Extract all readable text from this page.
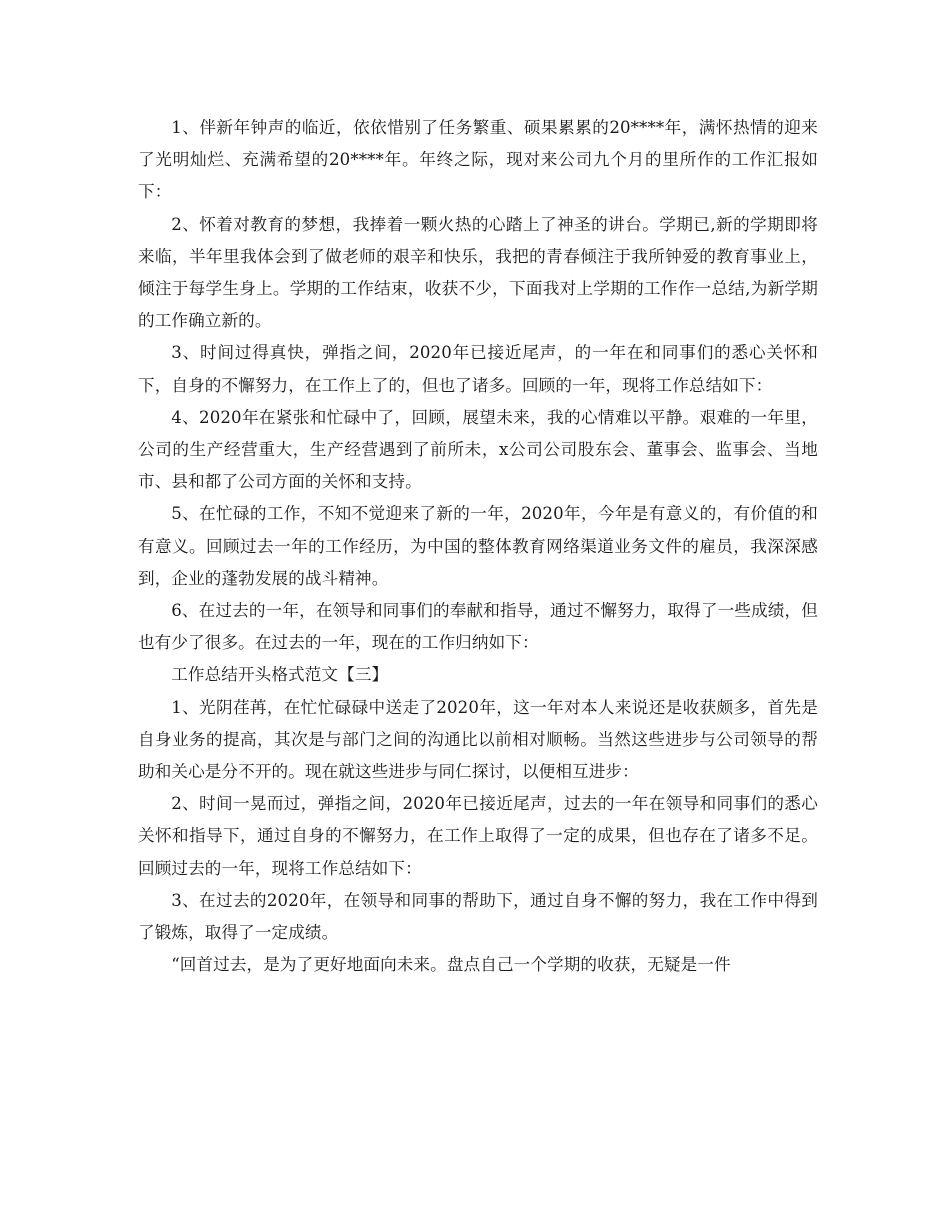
1、伴新年钟声的临近，依依惜别了任务繁重、硕果累累的20****年，满怀热情的迎来了光明灿烂、充满希望的20****年。年终之际，现对来公司九个月的里所作的工作汇报如下：

2、怀着对教育的梦想，我捧着一颗火热的心踏上了神圣的讲台。学期已,新的学期即将来临，半年里我体会到了做老师的艰辛和快乐，我把的青春倾注于我所钟爱的教育事业上，倾注于每学生身上。学期的工作结束，收获不少，下面我对上学期的工作作一总结,为新学期的工作确立新的。

3、时间过得真快，弹指之间，2020年已接近尾声，的一年在和同事们的悉心关怀和下，自身的不懈努力，在工作上了的，但也了诸多。回顾的一年，现将工作总结如下：

4、2020年在紧张和忙碌中了，回顾，展望未来，我的心情难以平静。艰难的一年里，公司的生产经营重大，生产经营遇到了前所未，x公司公司股东会、董事会、监事会、当地市、县和都了公司方面的关怀和支持。

5、在忙碌的工作，不知不觉迎来了新的一年，2020年，今年是有意义的，有价值的和有意义。回顾过去一年的工作经历，为中国的整体教育网络渠道业务文件的雇员，我深深感到，企业的蓬勃发展的战斗精神。

6、在过去的一年，在领导和同事们的奉献和指导，通过不懈努力，取得了一些成绩，但也有少了很多。在过去的一年，现在的工作归纳如下：

工作总结开头格式范文【三】

1、光阴荏苒，在忙忙碌碌中送走了2020年，这一年对本人来说还是收获颇多，首先是自身业务的提高，其次是与部门之间的沟通比以前相对顺畅。当然这些进步与公司领导的帮助和关心是分不开的。现在就这些进步与同仁探讨，以便相互进步：

2、时间一晃而过，弹指之间，2020年已接近尾声，过去的一年在领导和同事们的悉心关怀和指导下，通过自身的不懈努力，在工作上取得了一定的成果，但也存在了诸多不足。回顾过去的一年，现将工作总结如下：

3、在过去的2020年，在领导和同事的帮助下，通过自身不懈的努力，我在工作中得到了锻炼，取得了一定成绩。

“回首过去，是为了更好地面向未来。盘点自己一个学期的收获，无疑是一件
